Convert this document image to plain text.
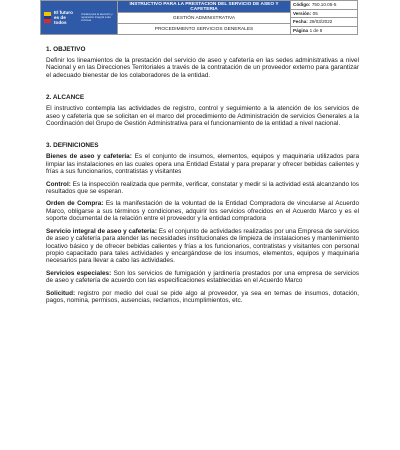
El futuro es de todos
Unidad para la atención y reparación integral a las víctimas
INSTRUCTIVO PARA LA PRESTACION DEL SERVICIO DE ASEO Y CAFETERIA
GESTIÓN ADMINISTRATIVA
PROCEDIMIENTO SERVICIOS GENERALES
Código: 750.10.05-5
Versión: 05
Fecha: 29/03/2022
Página 1 de 8
1. OBJETIVO
Definir los lineamientos de la prestación del servicio de aseo y cafetería en las sedes administrativas a nivel Nacional y en las Direcciones Territoriales a través de la contratación de un proveedor externo para garantizar el adecuado bienestar de los colaboradores de la entidad.
2. ALCANCE
El instructivo contempla las actividades de registro, control y seguimiento a la atención de los servicios de aseo y cafetería que se solicitan en el marco del procedimiento de Administración de servicios Generales a la Coordinación del Grupo de Gestión Administrativa para el funcionamiento de la entidad a nivel nacional.
3. DEFINICIONES
Bienes de aseo y cafetería: Es el conjunto de insumos, elementos, equipos y maquinaria utilizados para limpiar las instalaciones en las cuales opera una Entidad Estatal y para preparar y ofrecer bebidas calientes y frías a sus funcionarios, contratistas y visitantes
Control: Es la inspección realizada que permite, verificar, constatar y medir si la actividad está alcanzando los resultados que se esperan.
Orden de Compra: Es la manifestación de la voluntad de la Entidad Compradora de vincularse al Acuerdo Marco, obligarse a sus términos y condiciones, adquirir los servicios ofrecidos en el Acuerdo Marco y es el soporte documental de la relación entre el proveedor y la entidad compradora
Servicio integral de aseo y cafetería: Es el conjunto de actividades realizadas por una Empresa de servicios de aseo y cafetería para atender las necesidades institucionales de limpieza de instalaciones y mantenimiento locativo básico y de ofrecer bebidas calientes y frías a los funcionarios, contratistas y visitantes con personal propio capacitado para tales actividades y encargándose de los insumos, elementos, equipos y maquinaria necesarios para llevar a cabo las actividades.
Servicios especiales: Son los servicios de fumigación y jardinería prestados por una empresa de servicios de aseo y cafetería de acuerdo con las especificaciones establecidas en el Acuerdo Marco
Solicitud: registro por medio del cual se pide algo al proveedor, ya sea en temas de insumos, dotación, pagos, nomina, permisos, ausencias, reclamos, incumplimientos, etc.
